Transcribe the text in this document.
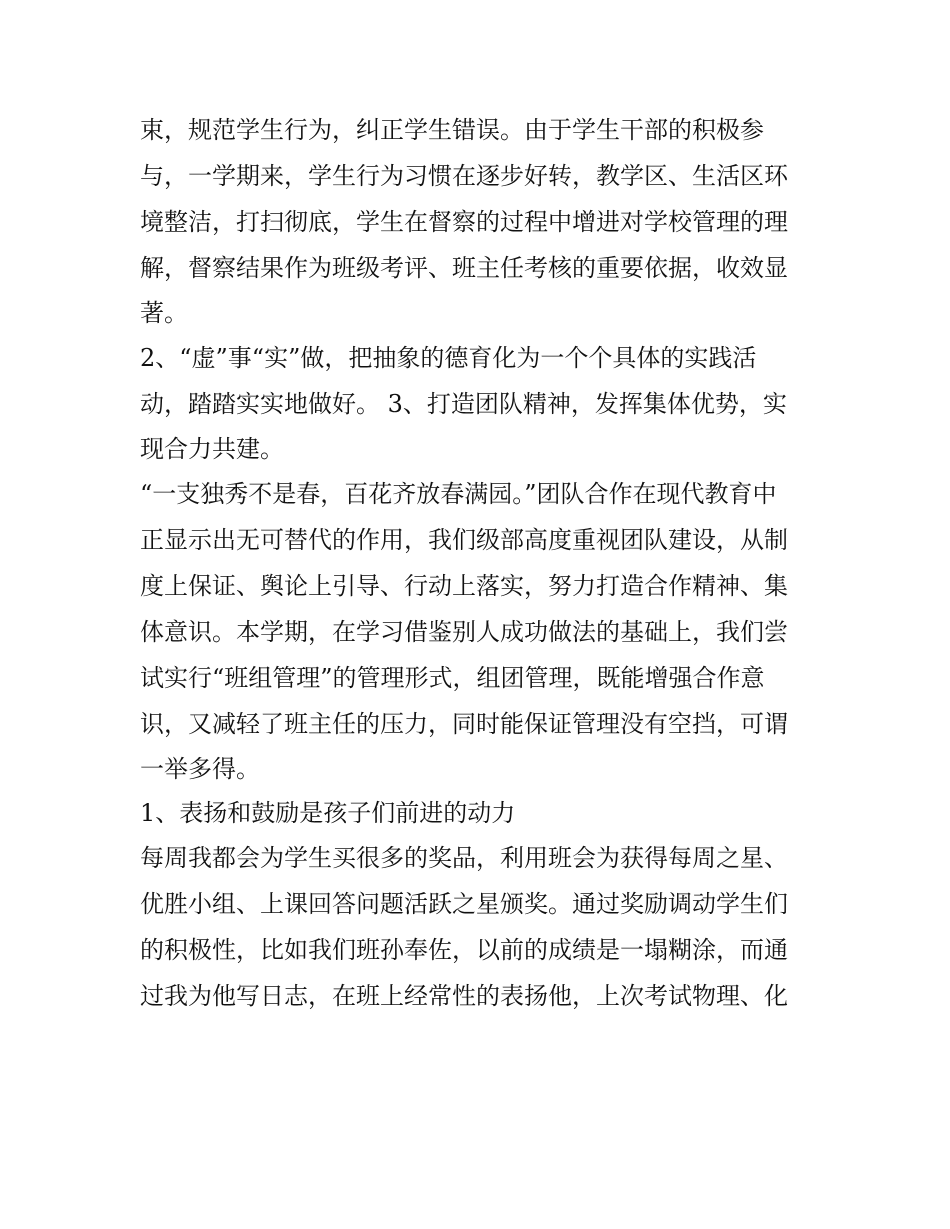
束，规范学生行为，纠正学生错误。由于学生干部的积极参
与，一学期来，学生行为习惯在逐步好转，教学区、生活区环
境整洁，打扫彻底，学生在督察的过程中增进对学校管理的理
解，督察结果作为班级考评、班主任考核的重要依据，收效显
著。
2、“虚”事“实”做，把抽象的德育化为一个个具体的实践活
动，踏踏实实地做好。 3、打造团队精神，发挥集体优势，实
现合力共建。
“一支独秀不是春，百花齐放春满园。”团队合作在现代教育中
正显示出无可替代的作用，我们级部高度重视团队建设，从制
度上保证、舆论上引导、行动上落实，努力打造合作精神、集
体意识。本学期，在学习借鉴别人成功做法的基础上，我们尝
试实行“班组管理”的管理形式，组团管理，既能增强合作意
识，又减轻了班主任的压力，同时能保证管理没有空挡，可谓
一举多得。
1、表扬和鼓励是孩子们前进的动力
每周我都会为学生买很多的奖品，利用班会为获得每周之星、
优胜小组、上课回答问题活跃之星颁奖。通过奖励调动学生们
的积极性，比如我们班孙奉佐，以前的成绩是一塌糊涂，而通
过我为他写日志，在班上经常性的表扬他，上次考试物理、化
